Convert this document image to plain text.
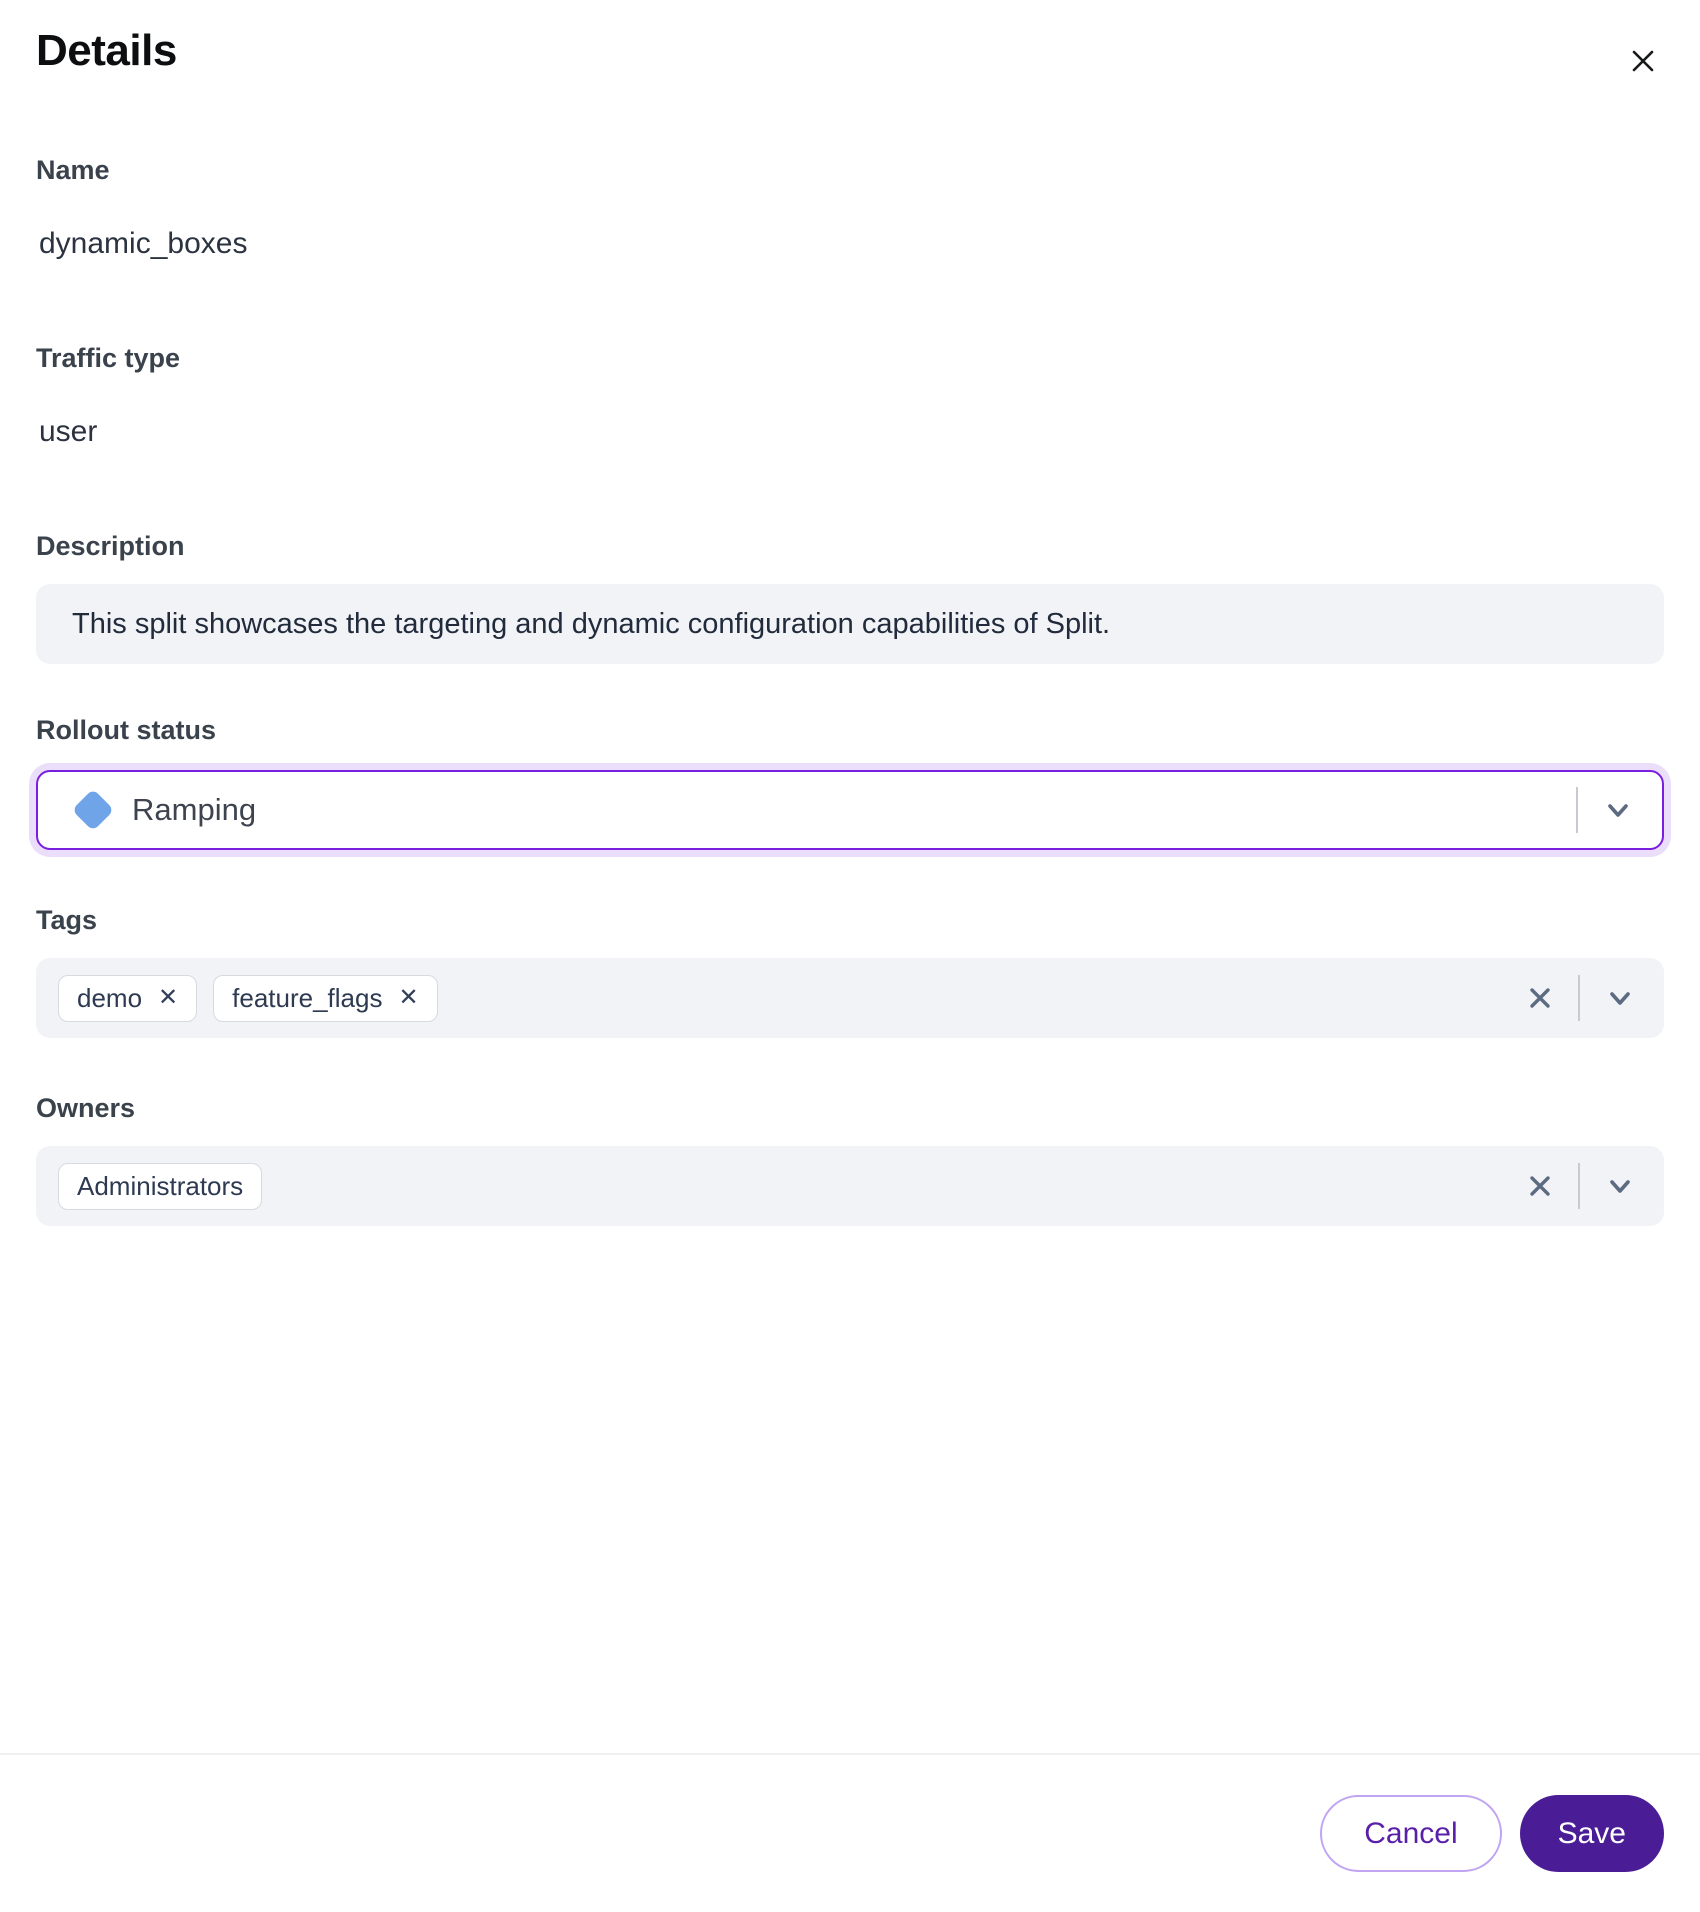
Details
Name
dynamic_boxes
Traffic type
user
Description
This split showcases the targeting and dynamic configuration capabilities of Split.
Rollout status
Ramping
Tags
demo ✕ feature_flags ✕
Owners
Administrators
Cancel	Save
